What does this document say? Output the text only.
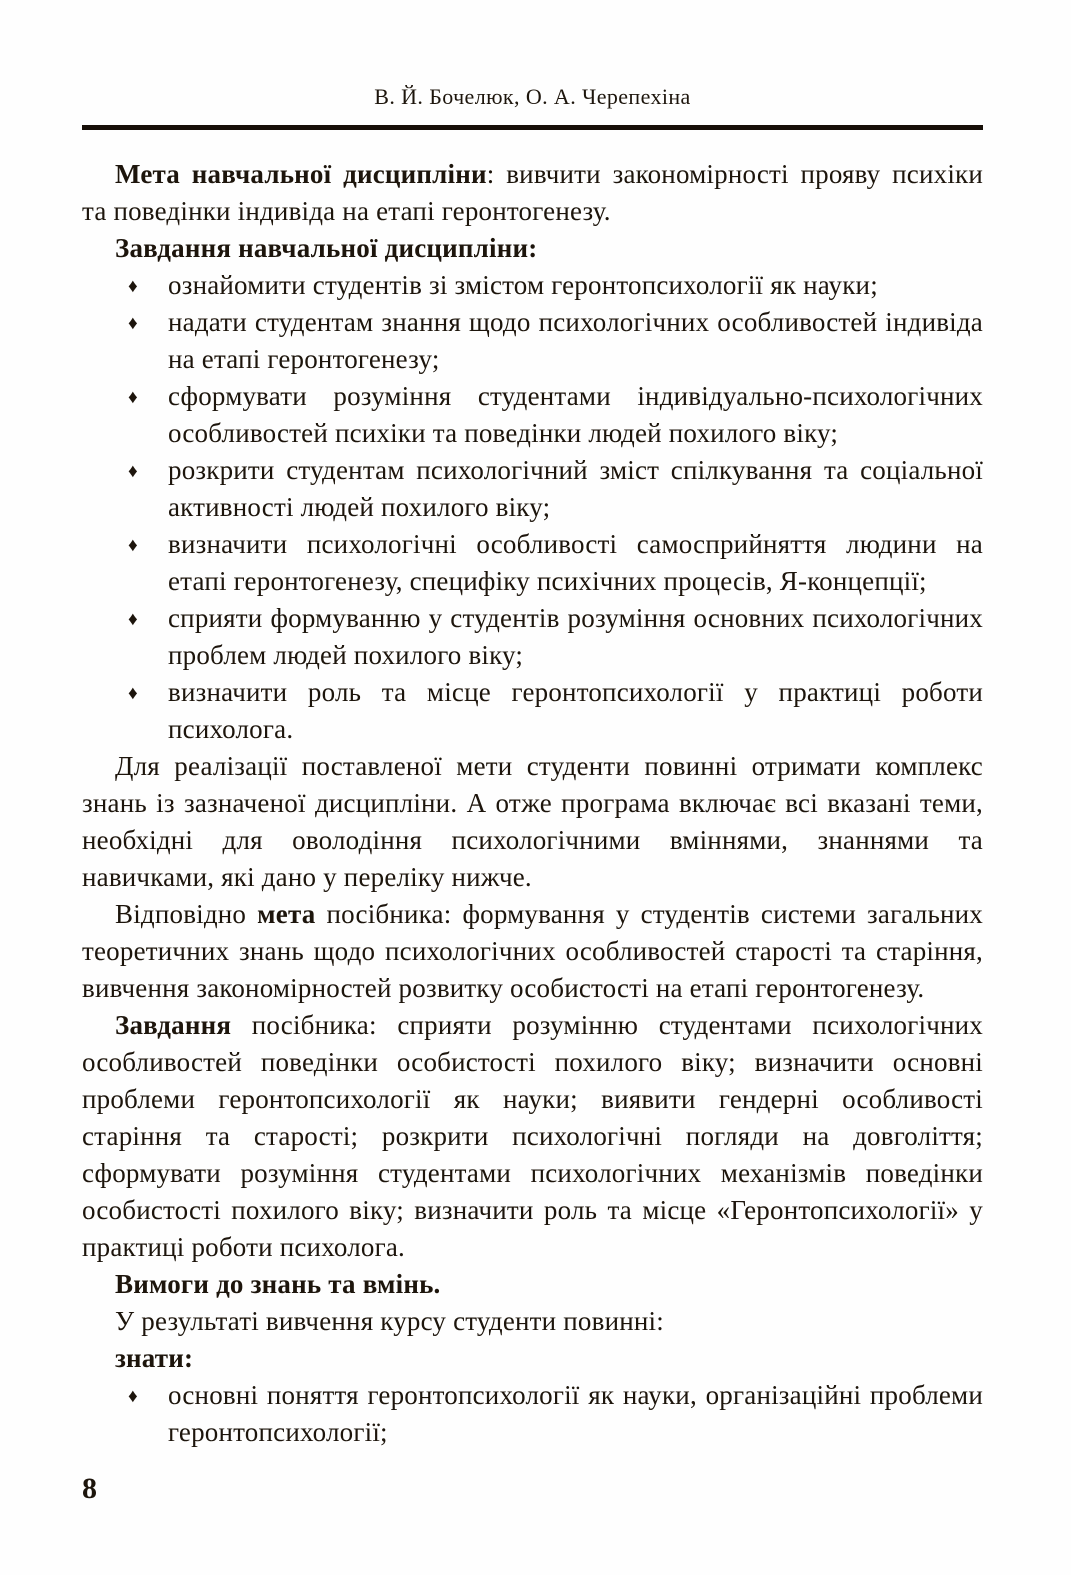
В. Й. Бочелюк, О. А. Черепехіна

Мета навчальної дисципліни: вивчити закономірності прояву психіки та поведінки індивіда на етапі геронтогенезу.

Завдання навчальної дисципліни:

♦ ознайомити студентів зі змістом геронтопсихології як науки;
♦ надати студентам знання щодо психологічних особливостей індивіда на етапі геронтогенезу;
♦ сформувати розуміння студентами індивідуально-психологічних особливостей психіки та поведінки людей похилого віку;
♦ розкрити студентам психологічний зміст спілкування та соціальної активності людей похилого віку;
♦ визначити психологічні особливості самосприйняття людини на етапі геронтогенезу, специфіку психічних процесів, Я-концепції;
♦ сприяти формуванню у студентів розуміння основних психологічних проблем людей похилого віку;
♦ визначити роль та місце геронтопсихології у практиці роботи психолога.

Для реалізації поставленої мети студенти повинні отримати комплекс знань із зазначеної дисципліни. А отже програма включає всі вказані теми, необхідні для оволодіння психологічними вміннями, знаннями та навичками, які дано у переліку нижче.

Відповідно мета посібника: формування у студентів системи загальних теоретичних знань щодо психологічних особливостей старості та старіння, вивчення закономірностей розвитку особистості на етапі геронтогенезу.

Завдання посібника: сприяти розумінню студентами психологічних особливостей поведінки особистості похилого віку; визначити основні проблеми геронтопсихології як науки; виявити гендерні особливості старіння та старості; розкрити психологічні погляди на довголіття; сформувати розуміння студентами психологічних механізмів поведінки особистості похилого віку; визначити роль та місце «Геронтопсихології» у практиці роботи психолога.

Вимоги до знань та вмінь.

У результаті вивчення курсу студенти повинні:

знати:

♦ основні поняття геронтопсихології як науки, організаційні проблеми геронтопсихології;
8
